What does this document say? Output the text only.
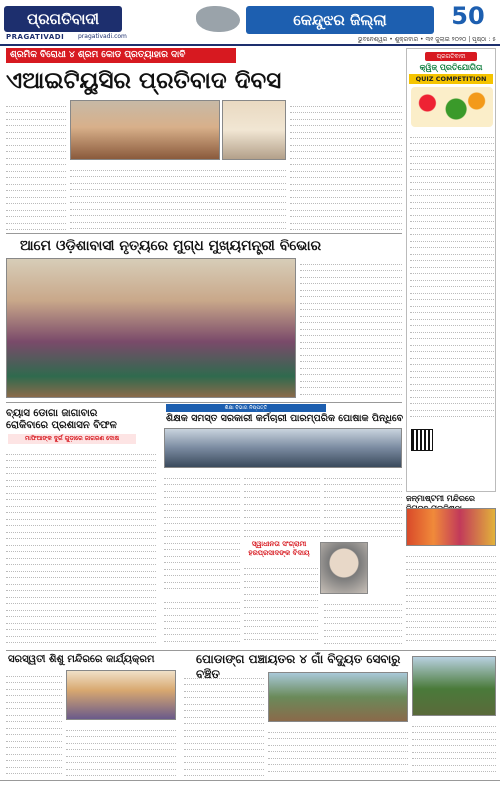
ପ୍ରଗତିବାଦୀ
PRAGATIVADI pragativadi.com
କେନ୍ଦୁଝର ଜିଲ୍ଲା	50
ଭୁବନେଶ୍ୱର • ଶୁକ୍ରବାର • ୩୧ ଜୁଲାଇ ୨୦୨୦ | ପୃଷ୍ଠା : ୫
ଶ୍ରମିକ ବିରୋଧୀ ୪ ଶ୍ରମ କୋଡ ପ୍ରତ୍ୟାହାର ଦାବି
ଏଆଇଟିୟୁସିର ପ୍ରତିବାଦ ଦିବସ
ପ୍ରଗତିବାଦୀ
କ୍ୱିଜ୍ ପ୍ରତିଯୋଗିତା
QUIZ COMPETITION
ଆମେ ଓଡ଼ିଶାବାସୀ ନୃତ୍ୟରେ ମୁଗ୍ଧ ମୁଖ୍ୟମନ୍ତ୍ରୀ ବିଭୋର
ବ୍ୟାସ ଡୋଗା ଜାଗାବାର ରୋକିବାରେ ପ୍ରଶାସନ ବିଫଳ
ମାଫିଆଙ୍କ ଦୁର୍ଗ ଗୁଡ଼ାରେ ଜାଗରଣ ଦୋଷ
ଶିକ୍ଷା ବିଭାଗ ନିଷ୍ପତ୍ତି
ଶିକ୍ଷକ ସମସ୍ତ ସରକାରୀ କର୍ମଚାରୀ ପାରମ୍ପରିକ ପୋଷାକ ପିନ୍ଧିବେ
ସ୍ୱାଧୀନତା ସଂଗ୍ରାମୀ ହରପ୍ରସାଦଙ୍କ ବିଦାୟ
ଜନ୍ମାଷ୍ଟମୀ ମନ୍ଦିରରେ
ସରସ୍ୱତୀ ଶିଶୁ ମନ୍ଦିରରେ କାର୍ଯ୍ୟକ୍ରମ	ପୋଡାଙ୍ଗ ପଞ୍ଚାୟତର ୪ ଗାଁ ବିଦ୍ୟୁତ ସେବାରୁ ବଞ୍ଚିତ
